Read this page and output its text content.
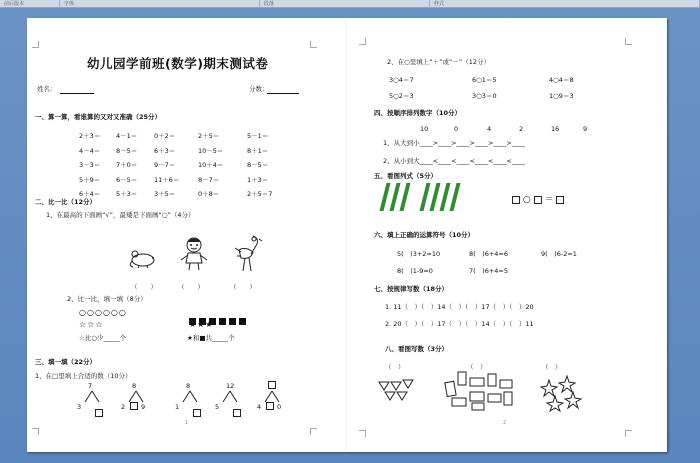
前后版本	字体	段落	样式
幼儿园学前班(数学)期末测试卷
姓名：	分数：
一、算一算，看谁算的又对又准确（25分）
2＋3＝ 4－1＝	0＋2＝	2＋5＝	5－1＝
4－4＝ 8－5＝	6＋3＝	10－5＝	8＋1＝
3－3＝ 7＋0＝	9－7＝	10＋4＝	8－5＝
5＋9＝ 6－5＝	11＋6＝	8－7＝	1＋3＝
6＋4＝ 5＋3＝	3＋5＝	0＋8＝	2＋5＝7
二、比一比（12分）
1、在最高的下面画“√”，最矮是下面画“○”（4分）
（　　）	（　　）	（　　）
2、比一比，填一填（8分）
○○○○○○
☆☆☆
☆比○少_____个
★★★
★和■共_____个
三、填一填（22分）
1、在□里填上合适的数（10分）
7
3
8
2 9
8
1
12
5	4 0
1
2、在○里填上“＋”或“－”（12分）
3○4＝7	6○1＝5	4○4＝8
5○2＝3	3○3＝0	1○9＝3
四、按顺序排列数字（10分）
10	0	4	2	16	9
1、从大到小____>____>____>____>____>____
2、从小到大____<____<____<____<____<____
五、看图列式（5分）
○  ＝
六、填上正确的运算符号（10分）
5(　)3+2=10	8(　)6+4=6	9(　)6-2=1
8(　)1-9=0	7(　)6+4=5
七、按规律写数（18分）
1. 11（　）（　）14（　）（　）17（　）（　）20
2. 20（　）（　）17（　）（　）14（　）（　）11
八、看图写数（3分）
（　）	（　）	（　）
2
